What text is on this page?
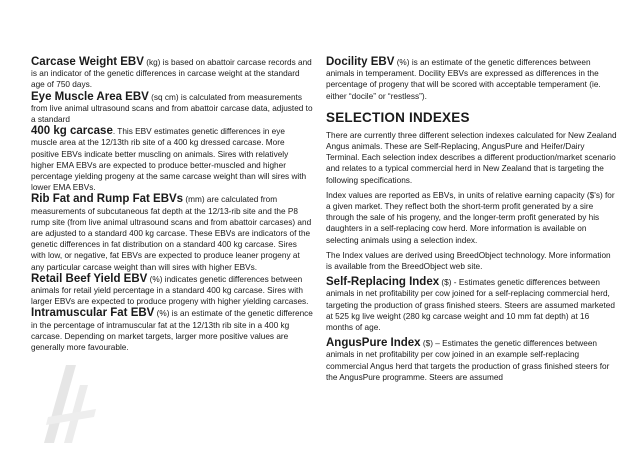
Carcase Weight EBV (kg) is based on abattoir carcase records and is an indicator of the genetic differences in carcase weight at the standard age of 750 days.

Eye Muscle Area EBV (sq cm) is calculated from measurements from live animal ultrasound scans and from abattoir carcase data, adjusted to a standard

400 kg carcase. This EBV estimates genetic differences in eye muscle area at the 12/13th rib site of a 400 kg dressed carcase. More positive EBVs indicate better muscling on animals. Sires with relatively higher EMA EBVs are expected to produce better-muscled and higher percentage yielding progeny at the same carcase weight than will sires with lower EMA EBVs.

Rib Fat and Rump Fat EBVs (mm) are calculated from measurements of subcutaneous fat depth at the 12/13-rib site and the P8 rump site (from live animal ultrasound scans and from abattoir carcases) and are adjusted to a standard 400 kg carcase. These EBVs are indicators of the genetic differences in fat distribution on a standard 400 kg carcase. Sires with low, or negative, fat EBVs are expected to produce leaner progeny at any particular carcase weight than will sires with higher EBVs.

Retail Beef Yield EBV (%) indicates genetic differences between animals for retail yield percentage in a standard 400 kg carcase. Sires with larger EBVs are expected to produce progeny with higher yielding carcases.

Intramuscular Fat EBV (%) is an estimate of the genetic difference in the percentage of intramuscular fat at the 12/13th rib site in a 400 kg carcase. Depending on market targets, larger more positive values are generally more favourable.

Docility EBV (%) is an estimate of the genetic differences between animals in temperament. Docility EBVs are expressed as differences in the percentage of progeny that will be scored with acceptable temperament (ie. either “docile” or “restless”).

SELECTION INDEXES

There are currently three different selection indexes calculated for New Zealand Angus animals. These are Self-Replacing, AngusPure and Heifer/Dairy Terminal. Each selection index describes a different production/market scenario and relates to a typical commercial herd in New Zealand that is targeting the following specifications.

Index values are reported as EBVs, in units of relative earning capacity ($'s) for a given market. They reflect both the short-term profit generated by a sire through the sale of his progeny, and the longer-term profit generated by his daughters in a self-replacing cow herd. More information is available on selecting animals using a selection index.

The Index values are derived using BreedObject technology. More information is available from the BreedObject web site.

Self-Replacing Index ($) - Estimates genetic differences between animals in net profitability per cow joined for a self-replacing commercial herd, targeting the production of grass finished steers. Steers are assumed marketed at 525 kg live weight (280 kg carcase weight and 10 mm fat depth) at 16 months of age.

AngusPure Index ($) – Estimates the genetic differences between animals in net profitability per cow joined in an example self-replacing commercial Angus herd that targets the production of grass finished steers for the AngusPure programme. Steers are assumed
